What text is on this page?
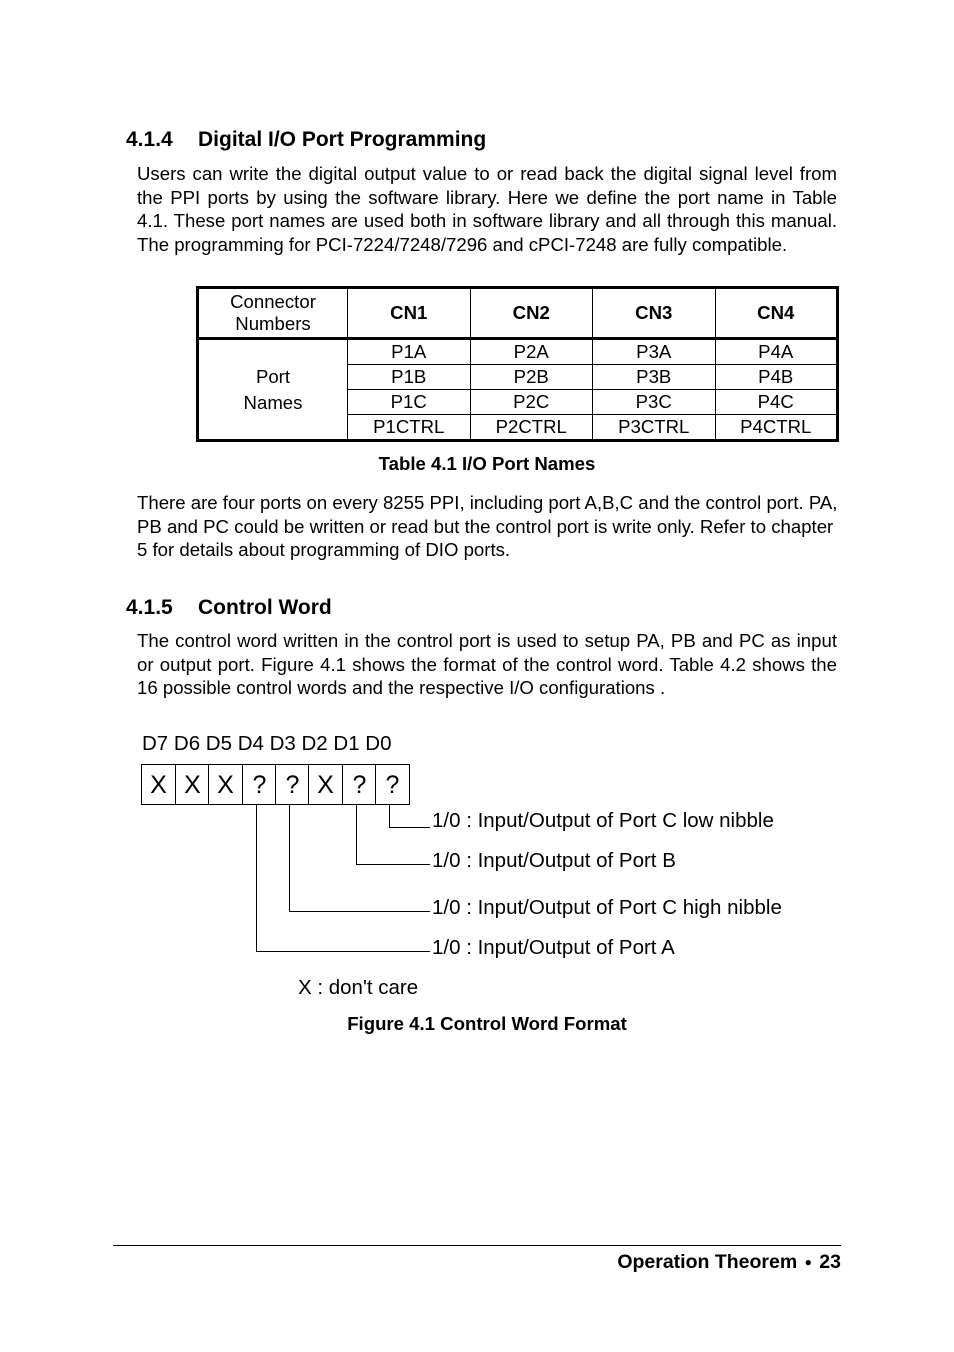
4.1.4 Digital I/O Port Programming

Users can write the digital output value to or read back the digital signal level from the PPI ports by using the software library. Here we define the port name in Table 4.1. These port names are used both in software library and all through this manual. The programming for PCI-7224/7248/7296 and cPCI-7248 are fully compatible.

Connector Numbers	CN1	CN2	CN3	CN4
Port Names	P1A	P2A	P3A	P4A
	P1B	P2B	P3B	P4B
	P1C	P2C	P3C	P4C
	P1CTRL	P2CTRL	P3CTRL	P4CTRL
Table 4.1 I/O Port Names

There are four ports on every 8255 PPI, including port A,B,C and the control port. PA, PB and PC could be written or read but the control port is write only. Refer to chapter 5 for details about programming of DIO ports.

4.1.5 Control Word

The control word written in the control port is used to setup PA, PB and PC as input or output port. Figure 4.1 shows the format of the control word. Table 4.2 shows the 16 possible control words and the respective I/O configurations .

D7 D6 D5 D4 D3 D2 D1 D0
X X X ? ? X ? ?
1/0 : Input/Output of Port C low nibble
1/0 : Input/Output of Port B
1/0 : Input/Output of Port C high nibble
1/0 : Input/Output of Port A
X : don't care
Figure 4.1 Control Word Format
Operation Theorem ● 23
